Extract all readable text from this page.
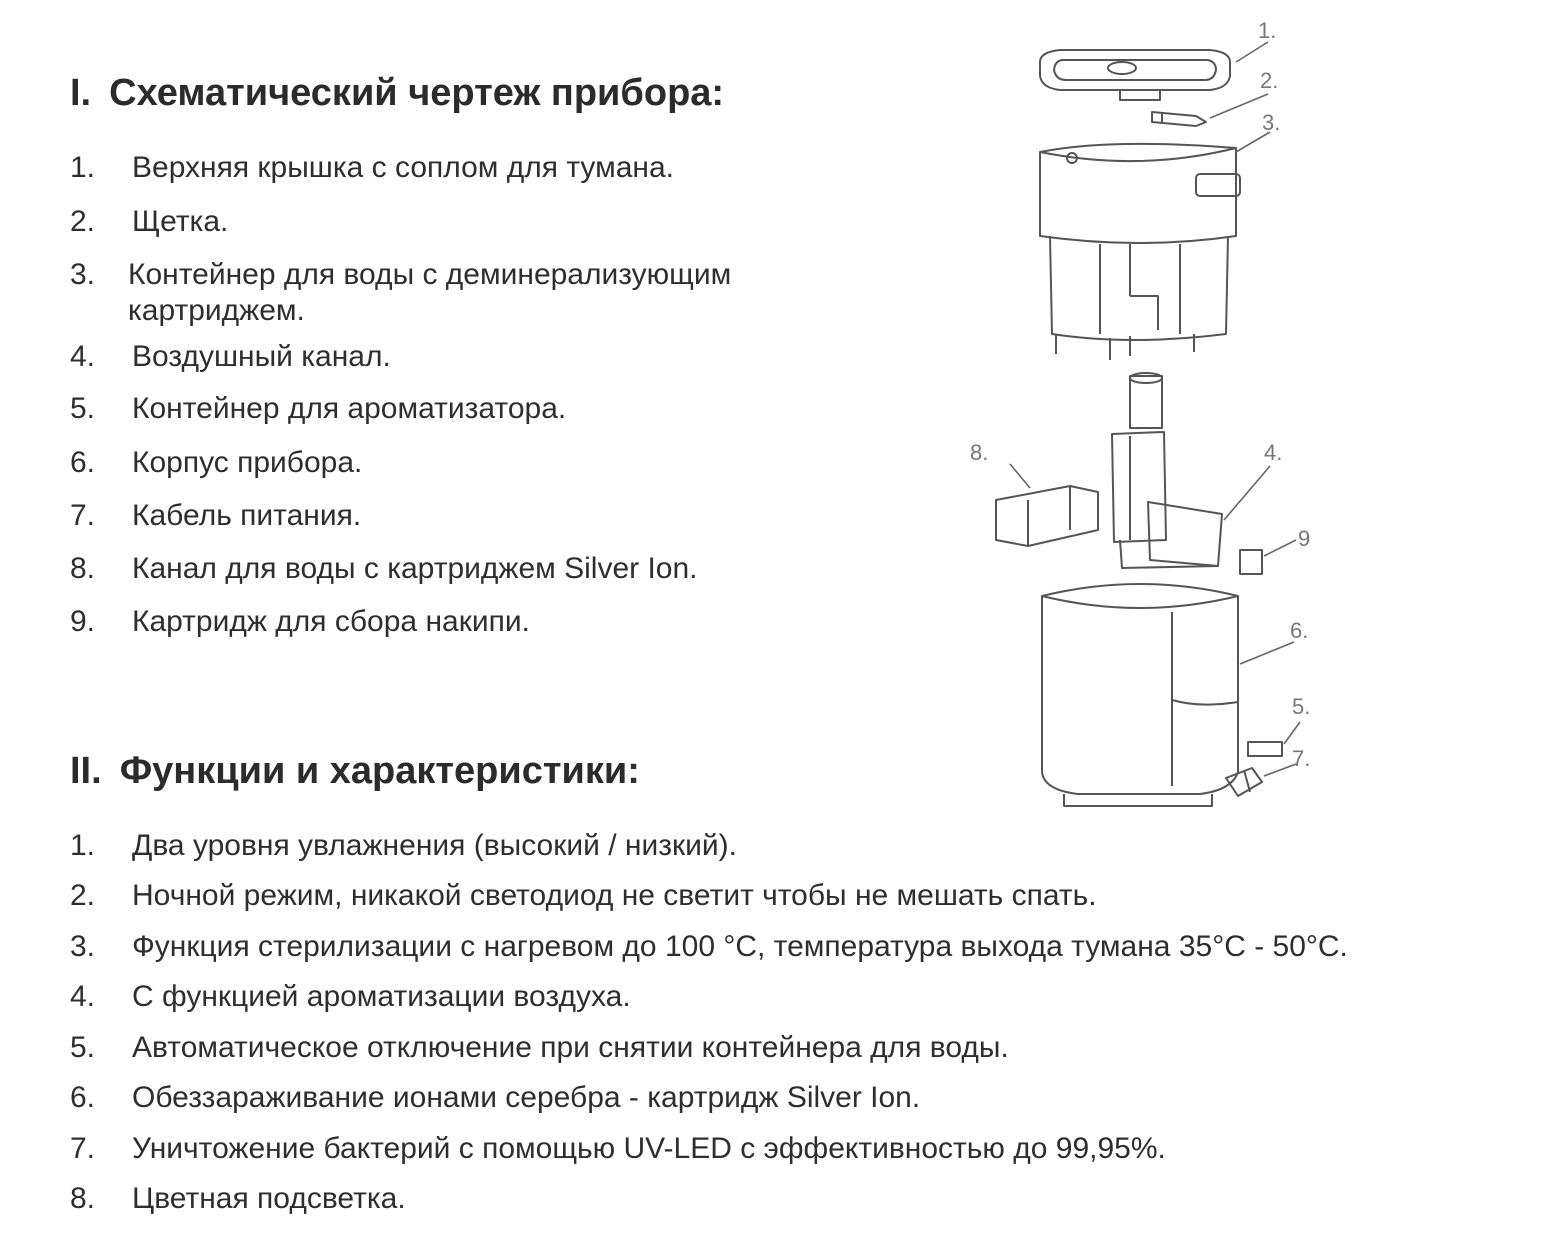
I. Схематический чертеж прибора:
1. Верхняя крышка с соплом для тумана.
2. Щетка.
3. Контейнер для воды с деминерализующим
картриджем.
4. Воздушный канал.
5. Контейнер для ароматизатора.
6. Корпус прибора.
7. Кабель питания.
8. Канал для воды с картриджем Silver Ion.
9. Картридж для сбора накипи.
II. Функции и характеристики:
1. Два уровня увлажнения (высокий / низкий).
2. Ночной режим, никакой светодиод не светит чтобы не мешать спать.
3. Функция стерилизации с нагревом до 100 °C, температура выхода тумана 35°C - 50°C.
4. С функцией ароматизации воздуха.
5. Автоматическое отключение при снятии контейнера для воды.
6. Обеззараживание ионами серебра - картридж Silver Ion.
7. Уничтожение бактерий с помощью UV-LED с эффективностью до 99,95%.
8. Цветная подсветка.
1.
2.
3.
4.
5.
6.
7.
8.
9
